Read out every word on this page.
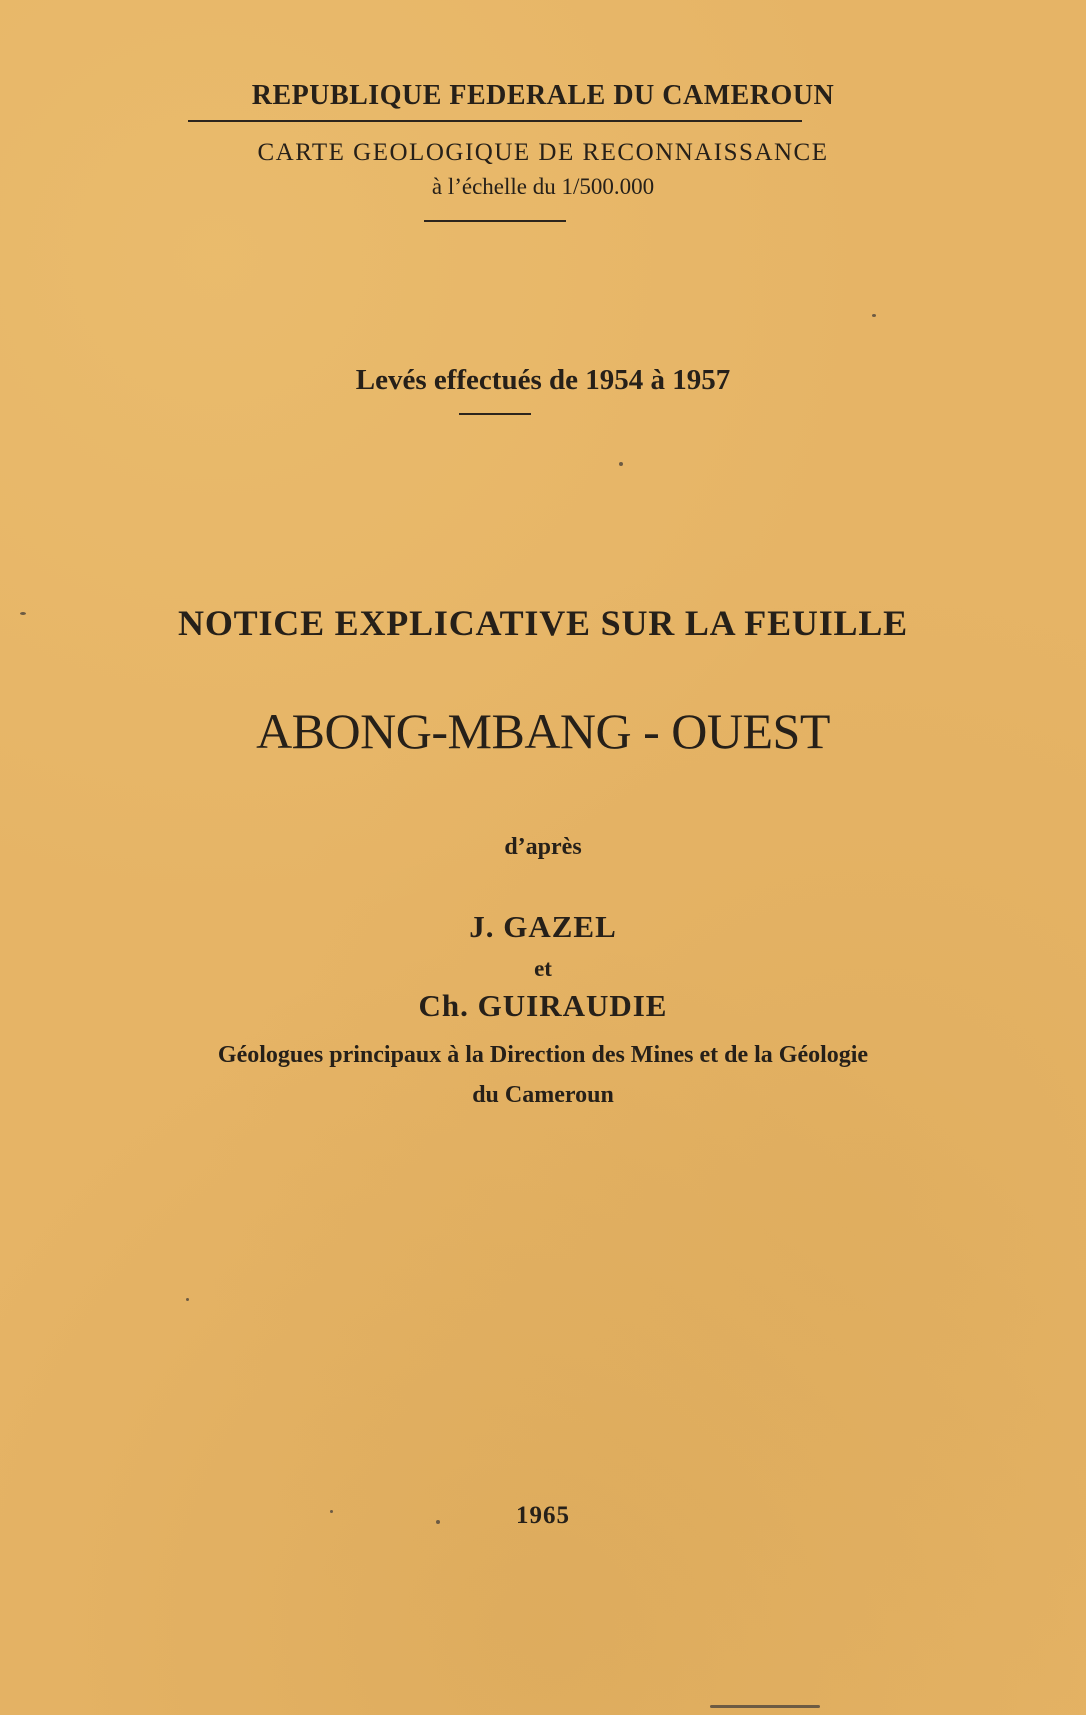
REPUBLIQUE FEDERALE DU CAMEROUN
CARTE GEOLOGIQUE DE RECONNAISSANCE
à l’échelle du 1/500.000
Levés effectués de 1954 à 1957
NOTICE EXPLICATIVE SUR LA FEUILLE
ABONG-MBANG - OUEST
d’après
J. GAZEL
et
Ch. GUIRAUDIE
Géologues principaux à la Direction des Mines et de la Géologie
du Cameroun
1965
